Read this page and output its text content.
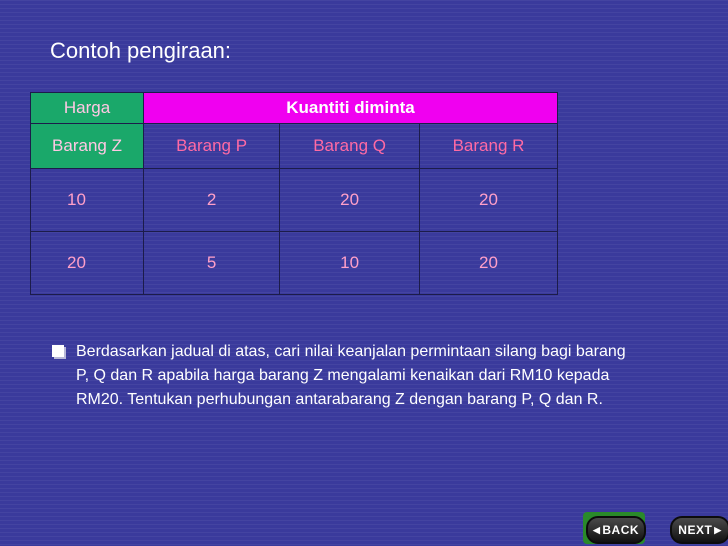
Contoh pengiraan:
Harga	Kuantiti diminta		
Barang Z	Barang P	Barang Q	Barang R
10	2	20	20
20	5	10	20
Berdasarkan jadual di atas, cari nilai keanjalan permintaan silang bagi barang P, Q dan R apabila harga barang Z mengalami kenaikan dari RM10 kepada RM20. Tentukan perhubungan antarabarang Z dengan barang P, Q dan R.
◀ BACK	NEXT ▶
